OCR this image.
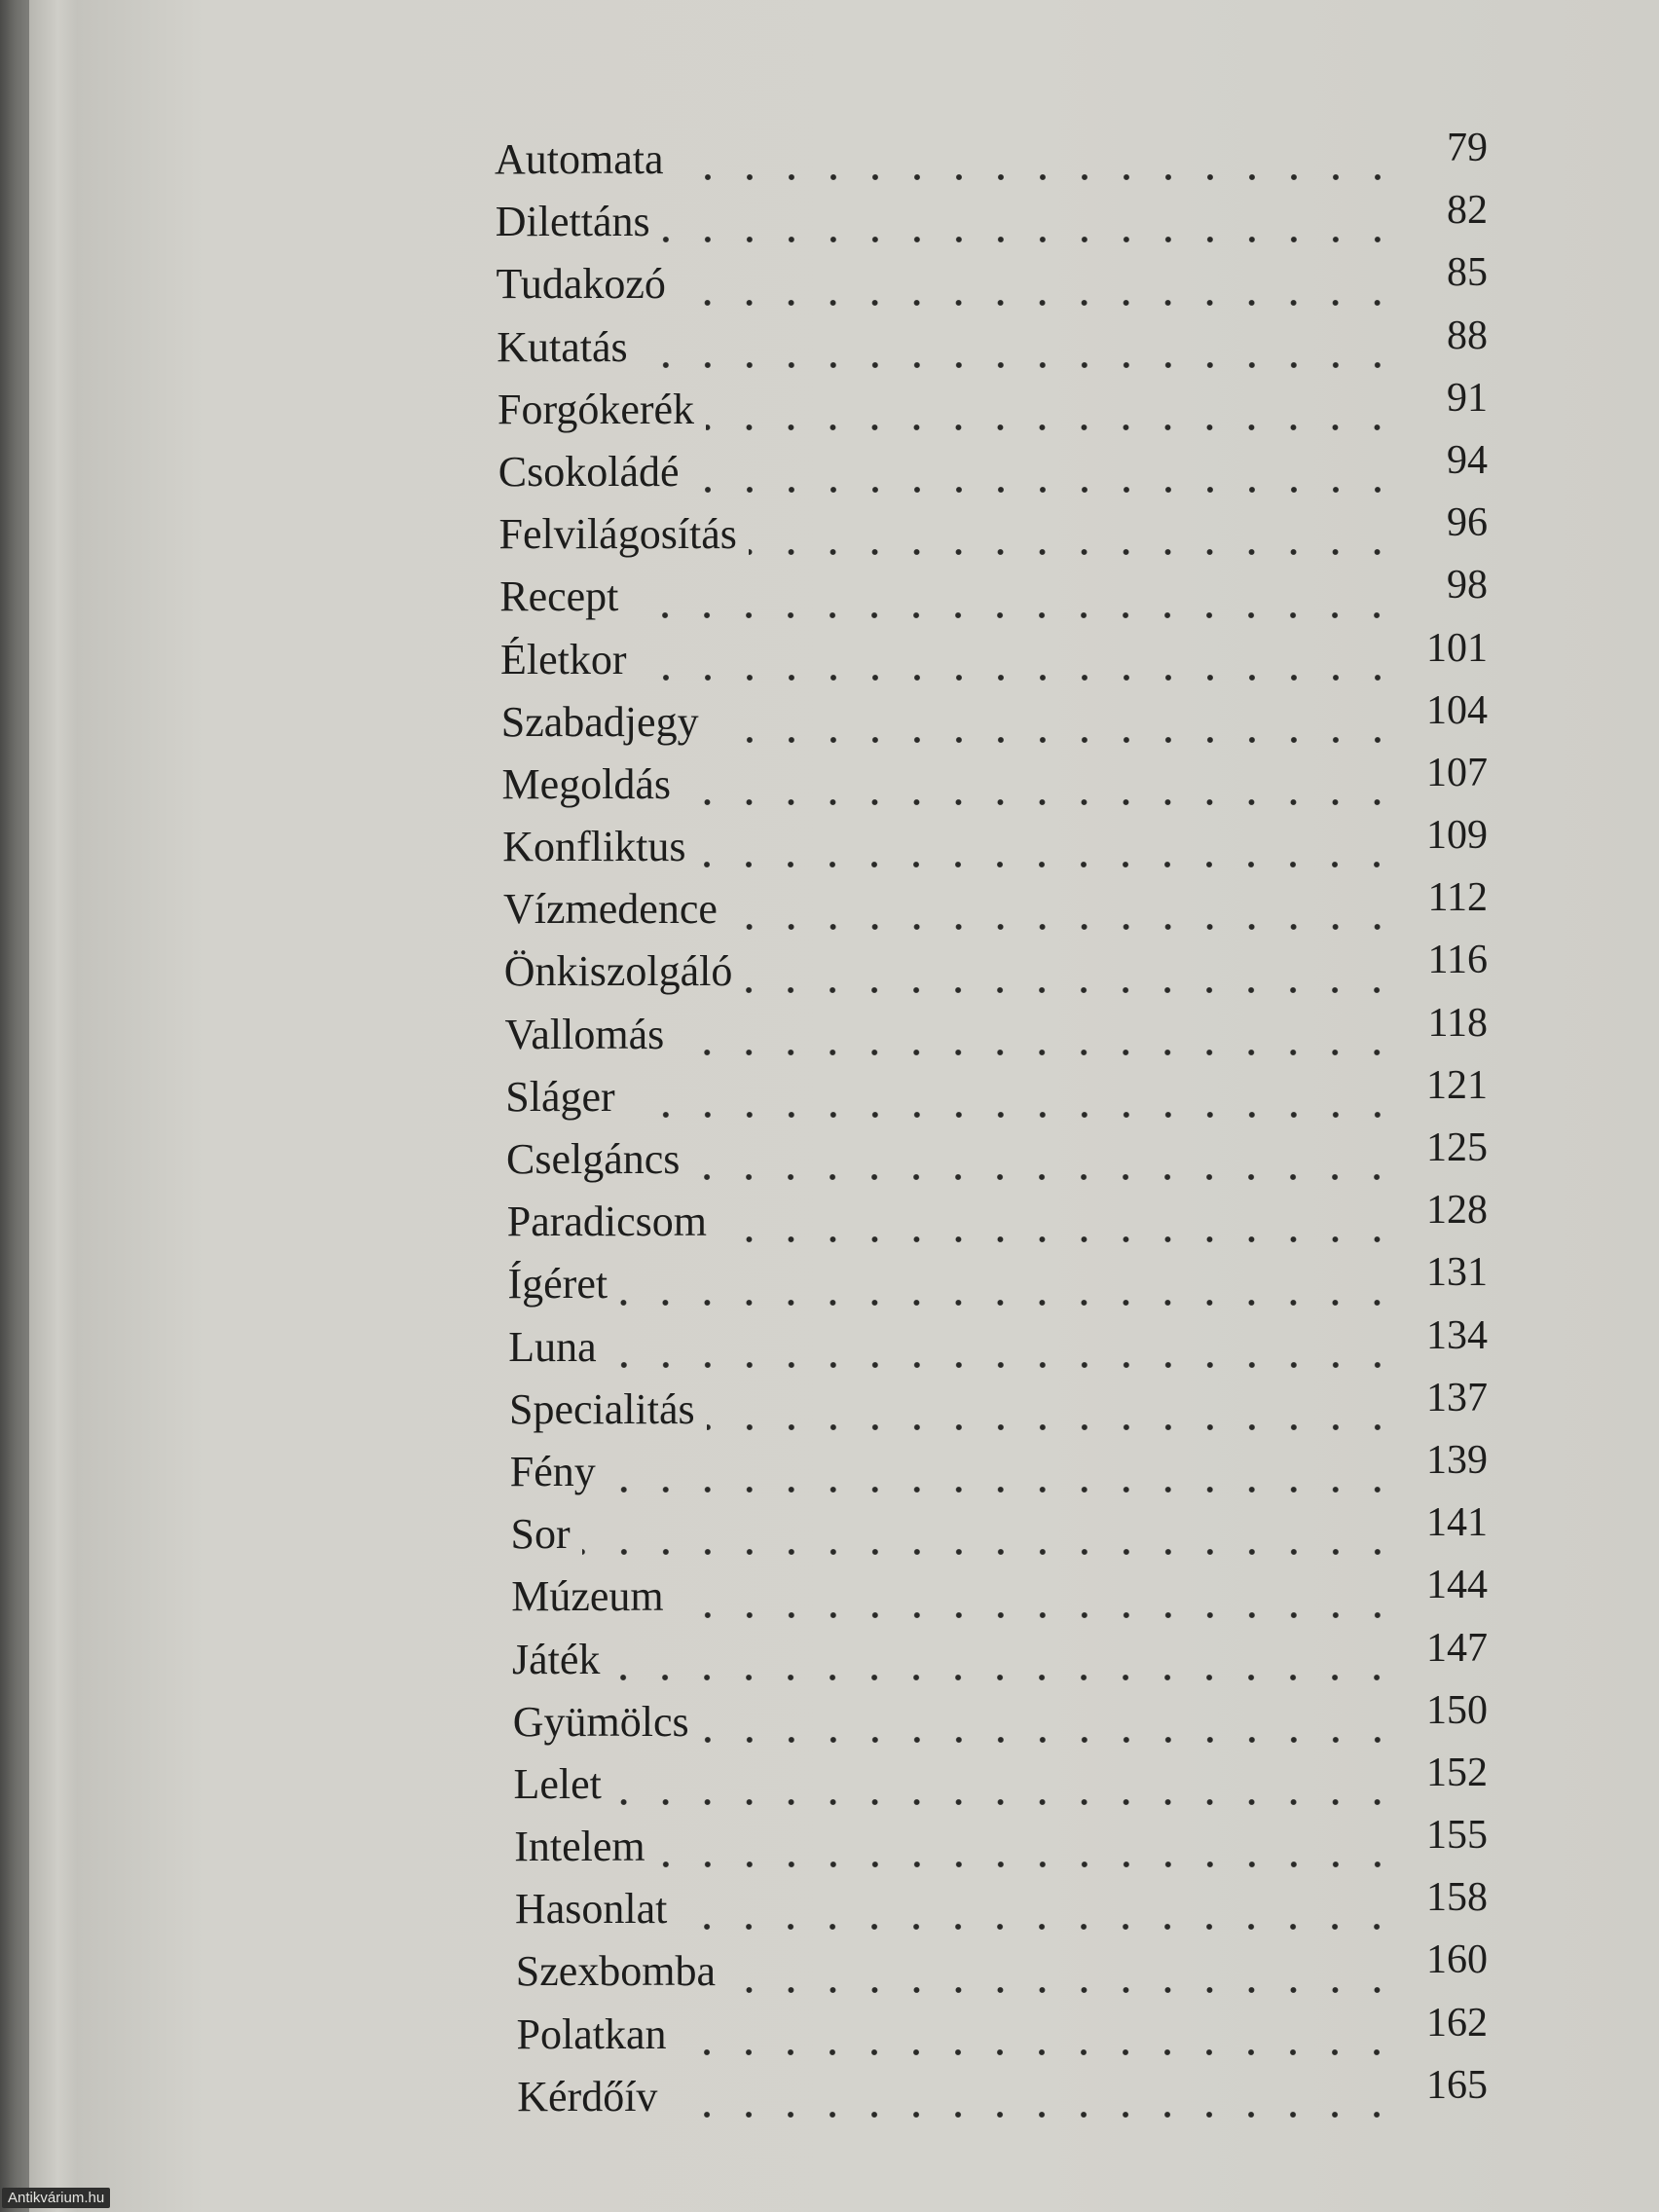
Automata	79
Dilettáns	82
Tudakozó	85
Kutatás	88
Forgókerék	91
Csokoládé	94
Felvilágosítás	96
Recept	98
Életkor	101
Szabadjegy	104
Megoldás	107
Konfliktus	109
Vízmedence	112
Önkiszolgáló	116
Vallomás	118
Sláger	121
Cselgáncs	125
Paradicsom	128
Ígéret	131
Luna	134
Specialitás	137
Fény	139
Sor	141
Múzeum	144
Játék	147
Gyümölcs	150
Lelet	152
Intelem	155
Hasonlat	158
Szexbomba	160
Polatkan	162
Kérdőív	165
Antikvárium.hu
